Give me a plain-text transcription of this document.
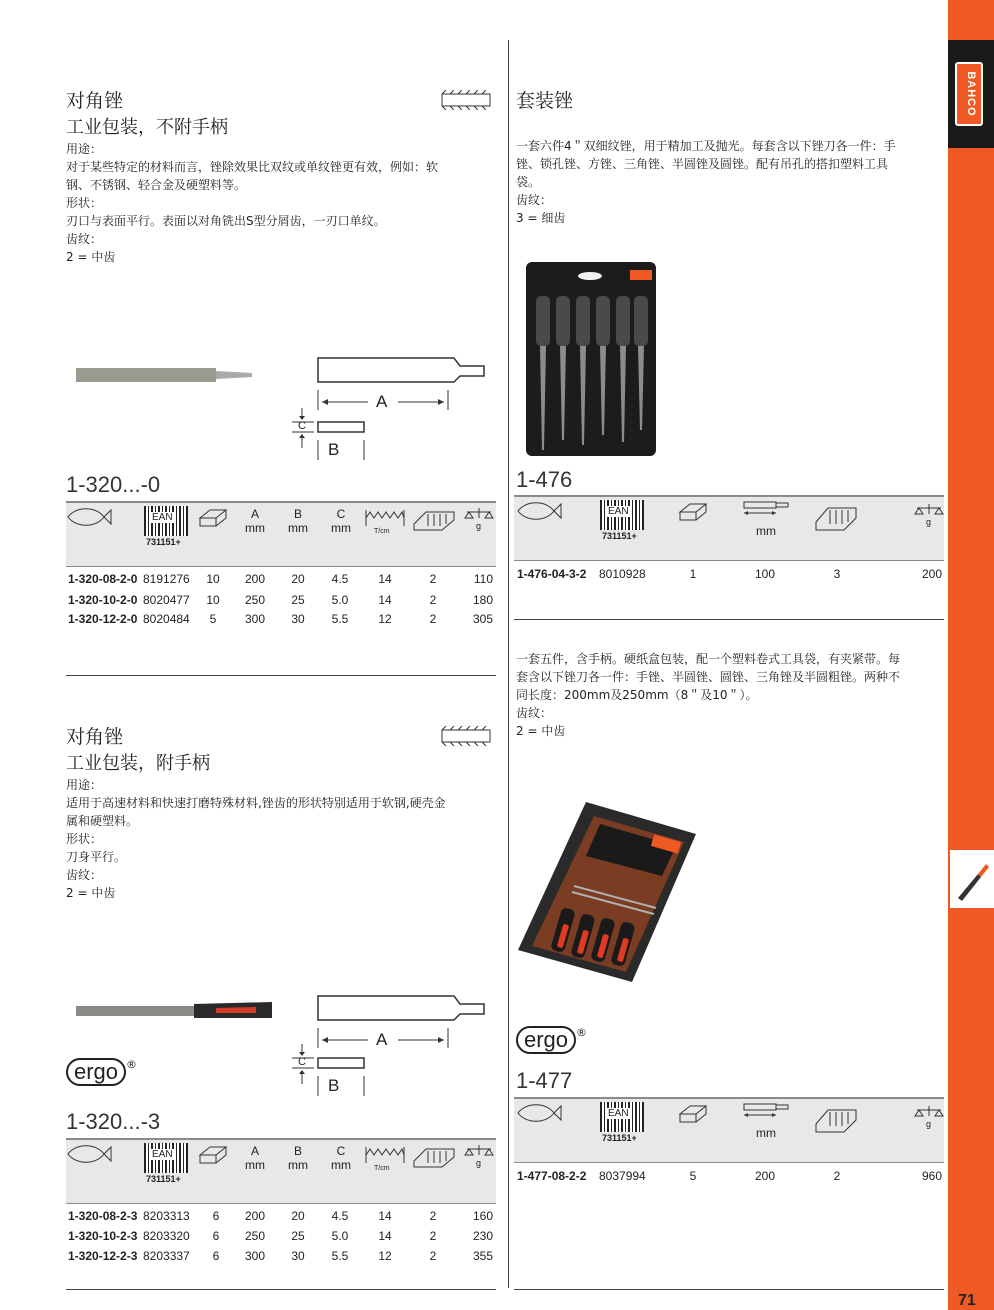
BAHCO
71
对角锉
工业包装，不附手柄
用途：
对于某些特定的材料而言，锉除效果比双纹或单纹锉更有效，例如：软
钢、不锈钢、轻合金及硬塑料等。
形状：
刃口与表面平行。表面以对角铣出S型分屑齿，一刃口单纹。
齿纹：
2 = 中齿
A
C
B
1-320...-0
EAN
731151+
A
mm
B
mm
C
mm	T/cm
g
1-320-08-2-0 8191276	10	200	20	4.5	14	2	110
1-320-10-2-0 8020477	10	250	25	5.0	14	2	180
1-320-12-2-0 8020484	5	300	30	5.5	12	2	305
对角锉
工业包装，附手柄
用途：
适用于高速材料和快速打磨特殊材料,锉齿的形状特别适用于软钢,硬壳金
属和硬塑料。
形状：
刀身平行。
齿纹：
2 = 中齿
ergo ®
A
C
B
1-320...-3
EAN
731151+
A
mm
B
mm
C
mm	T/cm
g
1-320-08-2-3 8203313	6	200	20	4.5	14	2	160
1-320-10-2-3 8203320	6	250	25	5.0	14	2	230
1-320-12-2-3 8203337	6	300	30	5.5	12	2	355
套装锉
一套六件4＂双细纹锉，用于精加工及抛光。每套含以下锉刀各一件：手
锉、锁孔锉、方锉、三角锉、半圆锉及圆锉。配有吊孔的搭扣塑料工具
袋。
齿纹：
3 = 细齿
1-476
EAN
731151+	mm
g
1-476-04-3-2 8010928	1	100	3	200
一套五件，含手柄。硬纸盒包装，配一个塑料卷式工具袋，有夹紧带。每
套含以下锉刀各一件：手锉、半圆锉、圆锉、三角锉及半圆粗锉。两种不
同长度：200mm及250mm（8＂及10＂）。
齿纹：
2 = 中齿
ergo ®
1-477
EAN
731151+	mm
g
1-477-08-2-2 8037994	5	200	2	960
